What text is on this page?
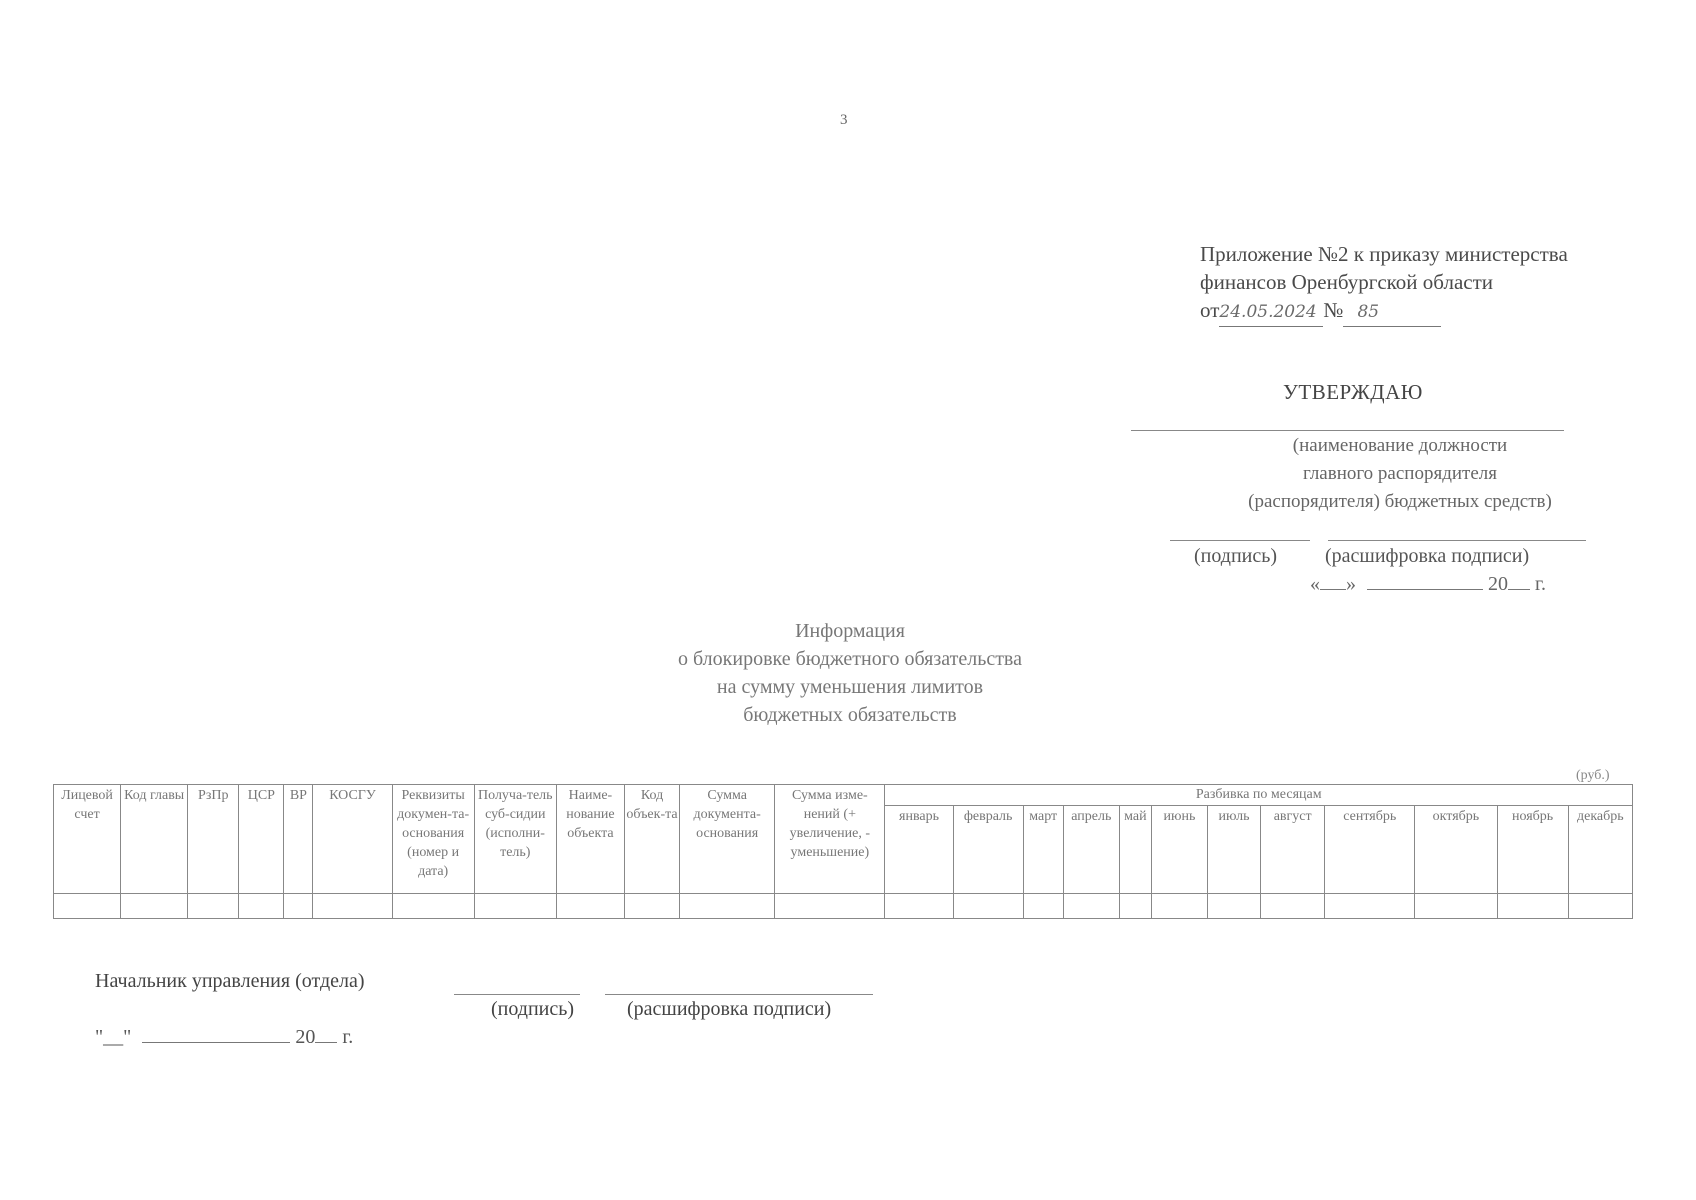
3
Приложение №2 к приказу министерства
финансов Оренбургской области
от24.05.2024 № 85
УТВЕРЖДАЮ
(наименование должности
главного распорядителя
(распорядителя) бюджетных средств)
(подпись) (расшифровка подписи)
« »	20 г.
Информация
о блокировке бюджетного обязательства
на сумму уменьшения лимитов
бюджетных обязательств
(руб.)
Лицевой счет	Код главы	РзПр	ЦСР	ВР	КОСГУ	Реквизиты докумен-та-основания (номер и дата)	Получа-тель суб-сидии (исполни-тель)	Наиме-нование объекта	Код объек-та	Сумма документа-основания	Сумма изме-нений (+ увеличение, - уменьшение)	Разбивка по месяцам											
												январь	февраль	март	апрель	май	июнь	июль	август	сентябрь	октябрь	ноябрь	декабрь

Начальник управления (отдела)
(подпись)	(расшифровка подписи)
"__"	20 г.
